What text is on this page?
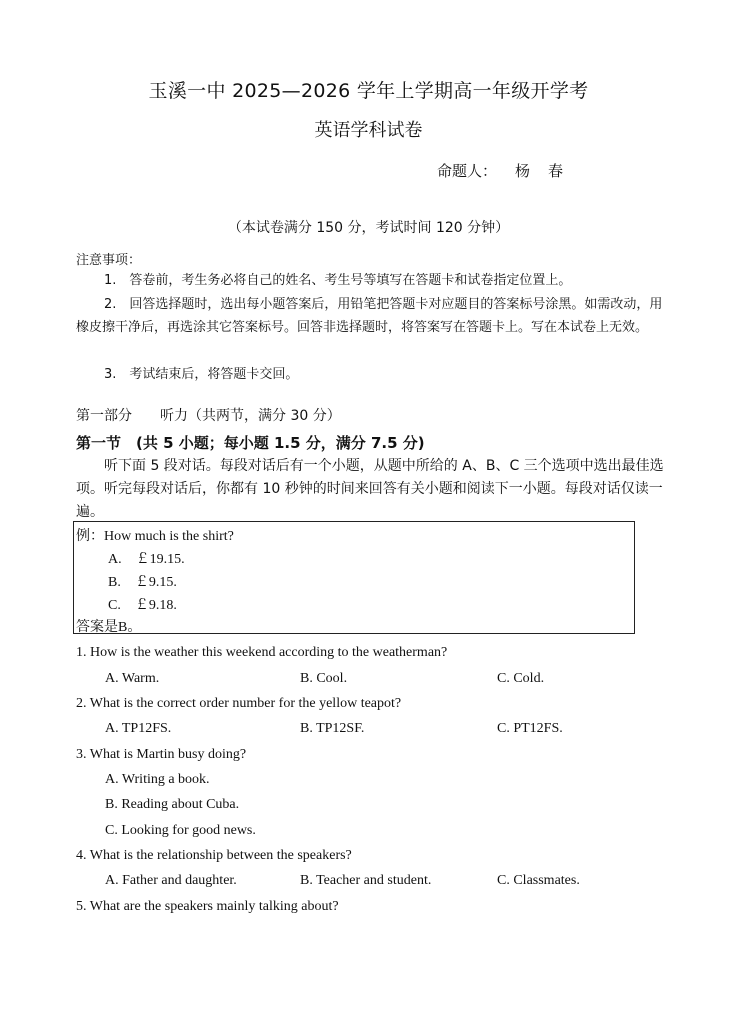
玉溪一中 2025—2026 学年上学期高一年级开学考
英语学科试卷
命题人： 杨春
（本试卷满分 150 分，考试时间 120 分钟）
注意事项：
1.　答卷前，考生务必将自己的姓名、考生号等填写在答题卡和试卷指定位置上。
2.　回答选择题时，选出每小题答案后，用铅笔把答题卡对应题目的答案标号涂黑。如需改动，用橡皮擦干净后，再选涂其它答案标号。回答非选择题时，将答案写在答题卡上。写在本试卷上无效。
3.　考试结束后，将答题卡交回。
第一部分 听力（共两节，满分 30 分）
第一节　(共 5 小题；每小题 1.5 分，满分 7.5 分)
听下面 5 段对话。每段对话后有一个小题，从题中所给的 A、B、C 三个选项中选出最佳选项。听完每段对话后，你都有 10 秒钟的时间来回答有关小题和阅读下一小题。每段对话仅读一遍。
例：How much is the shirt?
A.　￡19.15.
B.　￡9.15.
C.　￡9.18.
答案是B。
1. How is the weather this weekend according to the weatherman?
A. Warm.	B. Cool.	C. Cold.
2. What is the correct order number for the yellow teapot?
A. TP12FS.	B. TP12SF.	C. PT12FS.
3. What is Martin busy doing?
A. Writing a book.
B. Reading about Cuba.
C. Looking for good news.
4. What is the relationship between the speakers?
A. Father and daughter.	B. Teacher and student.	C. Classmates.
5. What are the speakers mainly talking about?
